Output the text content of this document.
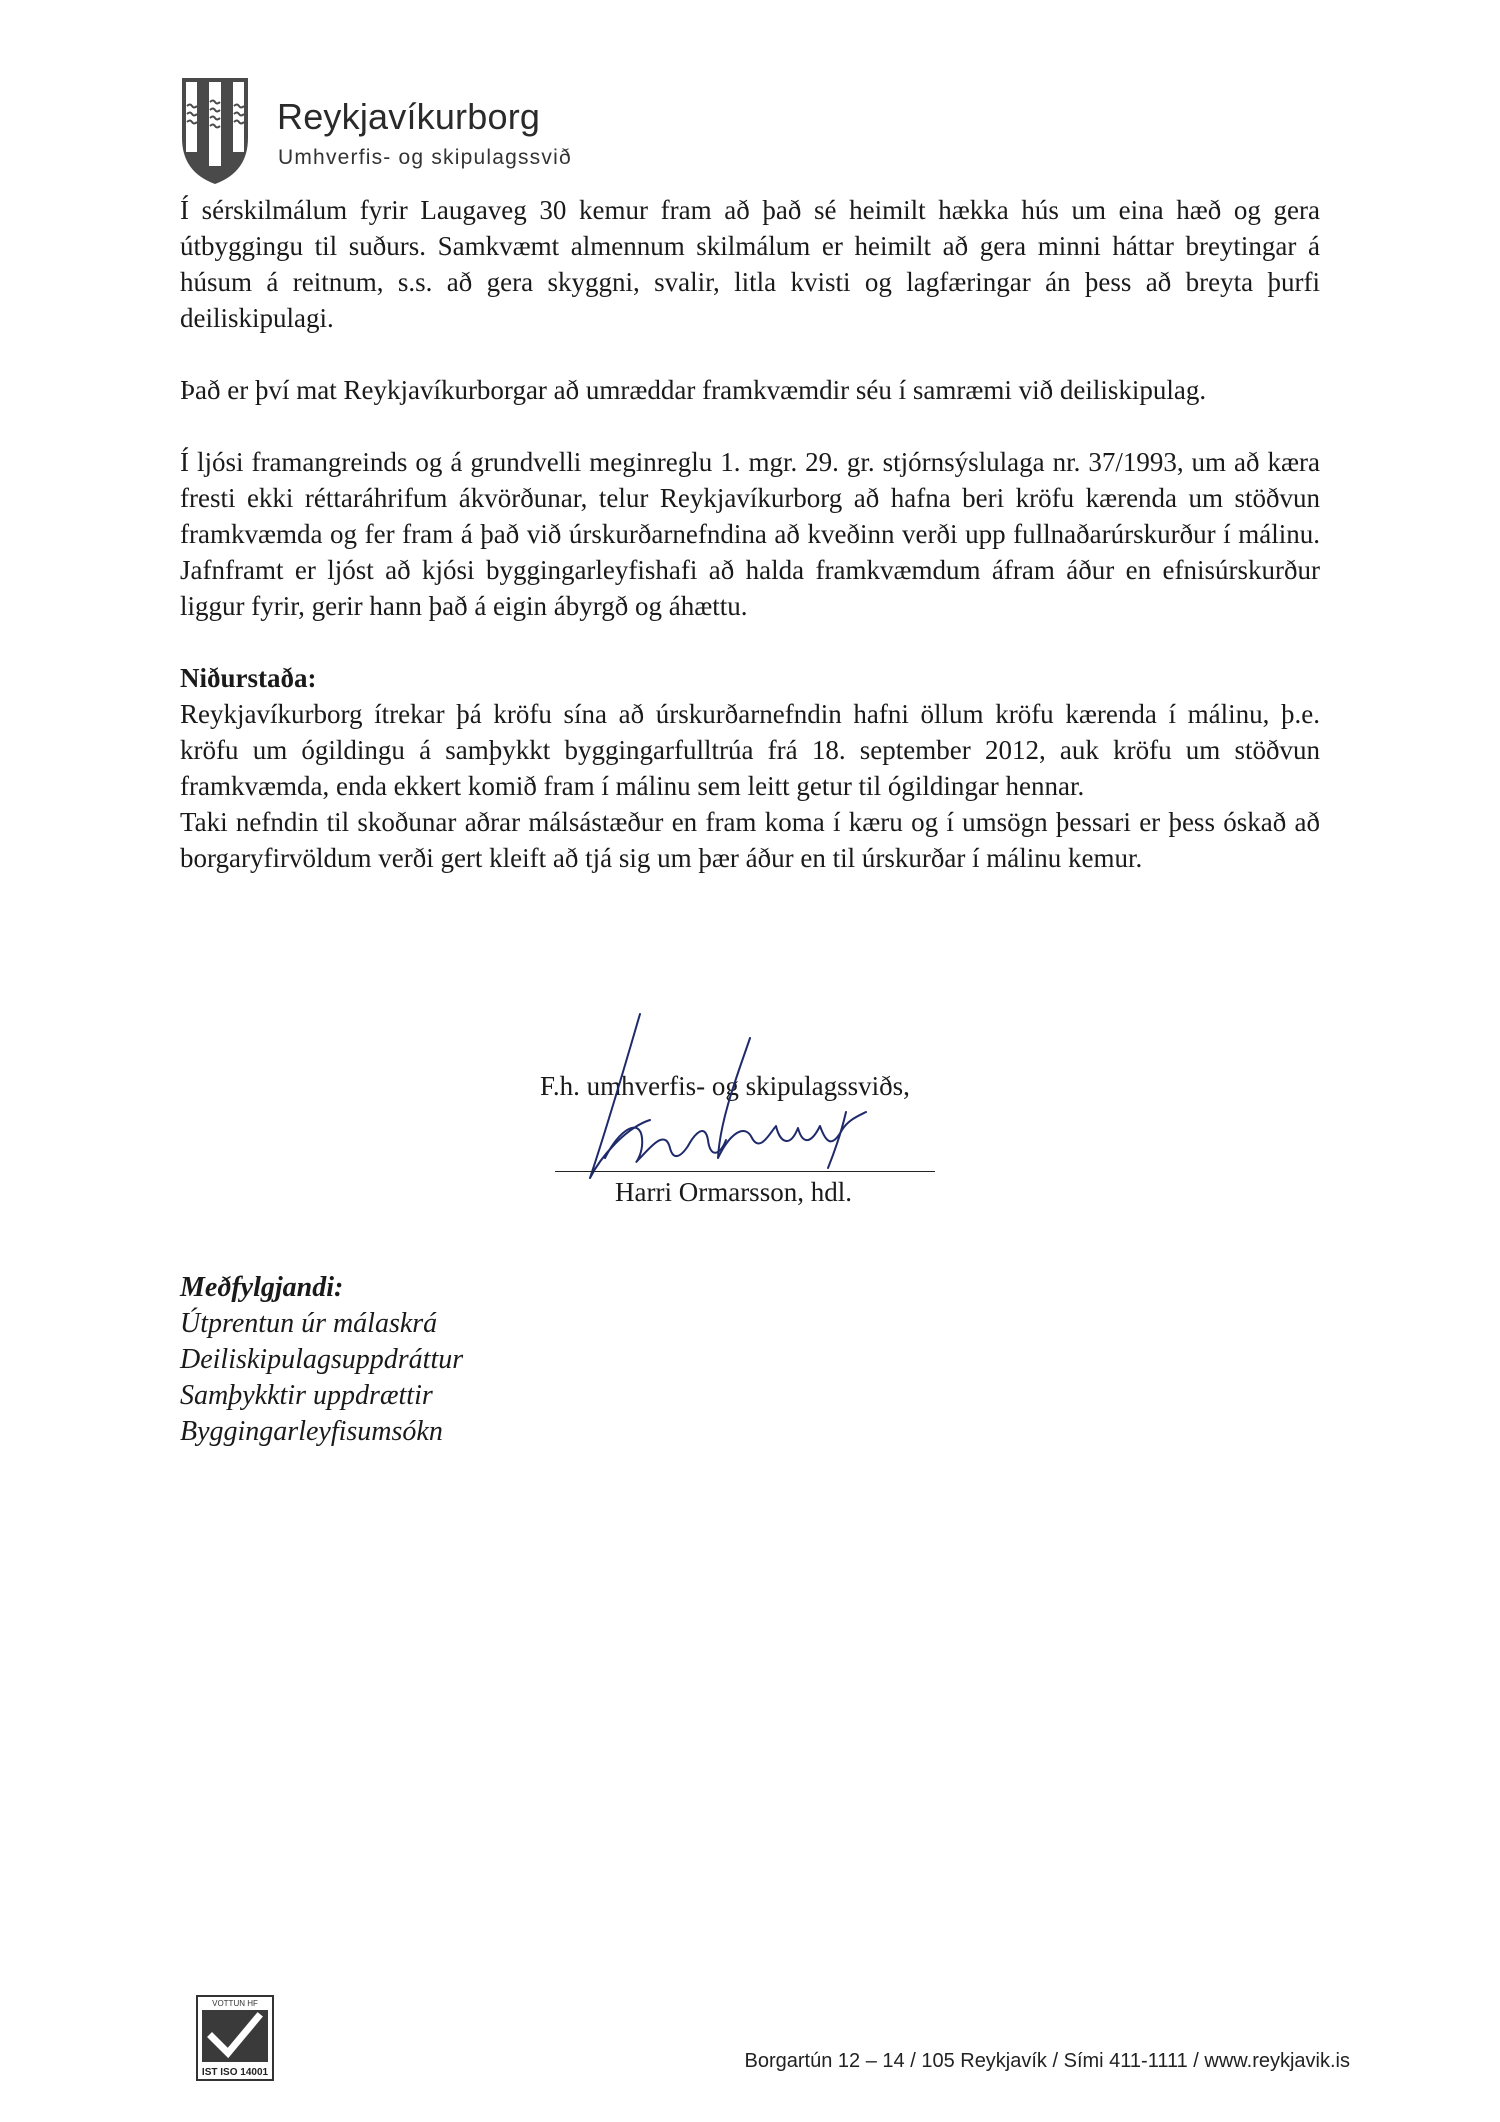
Reykjavíkurborg
Umhverfis- og skipulagssvið

Í sérskilmálum fyrir Laugaveg 30 kemur fram að það sé heimilt hækka hús um eina hæð og gera útbyggingu til suðurs. Samkvæmt almennum skilmálum er heimilt að gera minni háttar breytingar á húsum á reitnum, s.s. að gera skyggni, svalir, litla kvisti og lagfæringar án þess að breyta þurfi deiliskipulagi.

Það er því mat Reykjavíkurborgar að umræddar framkvæmdir séu í samræmi við deiliskipulag.

Í ljósi framangreinds og á grundvelli meginreglu 1. mgr. 29. gr. stjórnsýslulaga nr. 37/1993, um að kæra fresti ekki réttaráhrifum ákvörðunar, telur Reykjavíkurborg að hafna beri kröfu kærenda um stöðvun framkvæmda og fer fram á það við úrskurðarnefndina að kveðinn verði upp fullnaðarúrskurður í málinu. Jafnframt er ljóst að kjósi byggingarleyfishafi að halda framkvæmdum áfram áður en efnisúrskurður liggur fyrir, gerir hann það á eigin ábyrgð og áhættu.

Niðurstaða:

Reykjavíkurborg ítrekar þá kröfu sína að úrskurðarnefndin hafni öllum kröfu kærenda í málinu, þ.e. kröfu um ógildingu á samþykkt byggingarfulltrúa frá 18. september 2012, auk kröfu um stöðvun framkvæmda, enda ekkert komið fram í málinu sem leitt getur til ógildingar hennar.

Taki nefndin til skoðunar aðrar málsástæður en fram koma í kæru og í umsögn þessari er þess óskað að borgaryfirvöldum verði gert kleift að tjá sig um þær áður en til úrskurðar í málinu kemur.

F.h. umhverfis- og skipulagssviðs,
Harri Ormarsson, hdl.
Meðfylgjandi:
Útprentun úr málaskrá
Deiliskipulagsuppdráttur
Samþykktir uppdrættir
Byggingarleyfisumsókn
VOTTUN HF
IST ISO 14001
Borgartún 12 – 14 / 105 Reykjavík / Sími 411-1111 / www.reykjavik.is
